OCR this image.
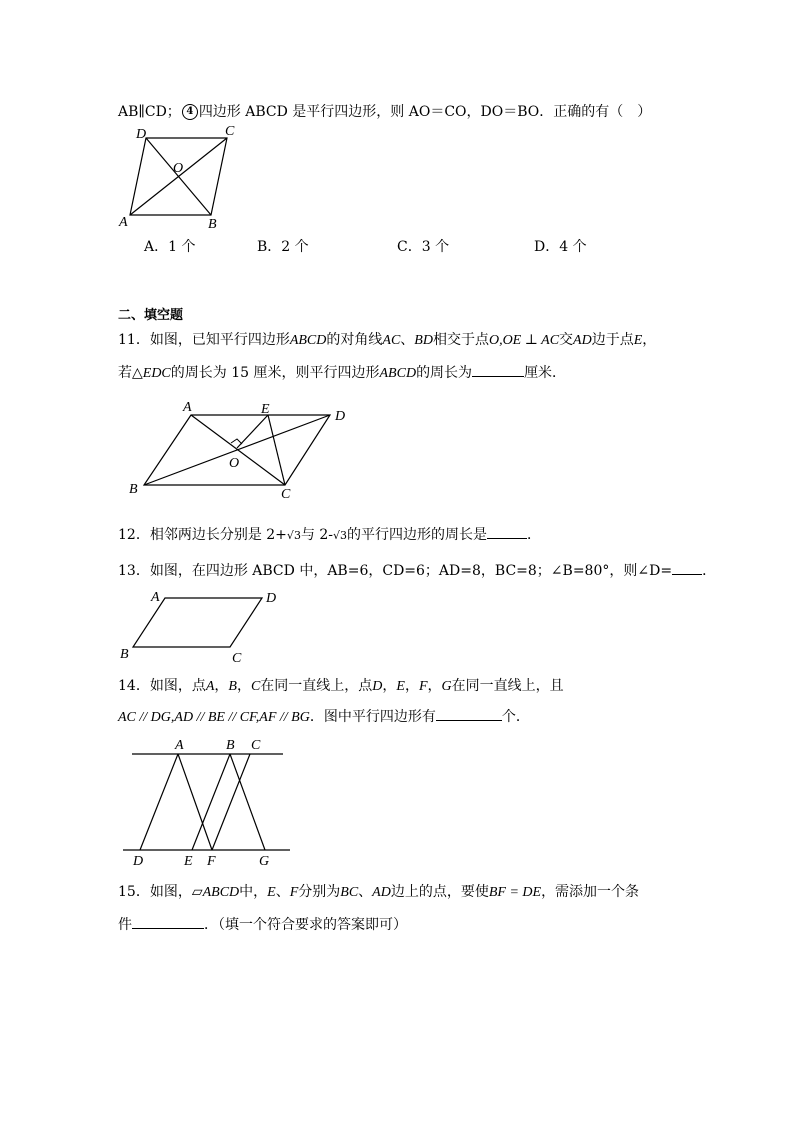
AB∥CD； 4 四边形 ABCD 是平行四边形，则 AO＝CO，DO＝BO．正确的有（　）
D	C
O
A	B
A．1 个	B．2 个	C．3 个	D．4 个
二、填空题
11．如图，已知平行四边形ABCD的对角线AC、BD相交于点O,OE ⊥ AC交AD边于点E，
若△EDC的周长为 15 厘米，则平行四边形ABCD的周长为	厘米．
A	E	D
O
B	C
12．相邻两边长分别是 2+√3与 2-√3的平行四边形的周长是	．
13．如图，在四边形 ABCD 中，AB=6，CD=6；AD=8，BC=8；∠B=80°，则∠D= ．
A	D
B	C
14．如图，点A，B，C在同一直线上，点D，E，F，G在同一直线上，且
AC // DG,AD // BE // CF,AF // BG．图中平行四边形有	个．
A	B C
D	E F	G
15．如图，▱ABCD中，E、F分别为BC、AD边上的点，要使BF = DE，需添加一个条
件	．（填一个符合要求的答案即可）
